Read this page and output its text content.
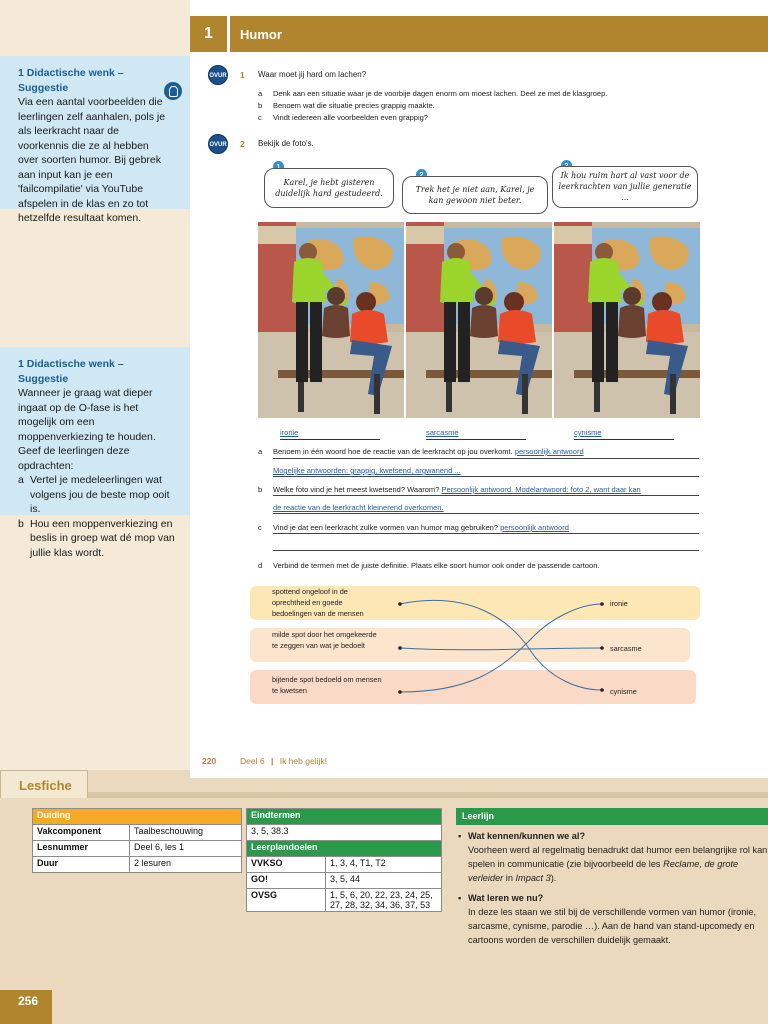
1 Didactische wenk – Suggestie
Via een aantal voorbeelden die leerlingen zelf aanhalen, pols je als leerkracht naar de voorkennis die ze al hebben over soorten humor. Bij gebrek aan input kan je een 'failcompilatie' via YouTube afspelen in de klas en zo tot hetzelfde resultaat komen.
1 Didactische wenk – Suggestie
Wanneer je graag wat dieper ingaat op de O-fase is het mogelijk om een moppenverkiezing te houden. Geef de leerlingen deze opdrachten:
a Vertel je medeleerlingen wat volgens jou de beste mop ooit is.
b Hou een moppenverkiezing en beslis in groep wat dé mop van jullie klas wordt.
1	Humor
OVUR 1 Waar moet jij hard om lachen?
a Denk aan een situatie waar je de voorbije dagen enorm om moest lachen. Deel ze met de klasgroep.
b Benoem wat die situatie precies grappig maakte.
c Vindt iedereen alle voorbeelden even grappig?
OVUR 2 Bekijk de foto's.
Karel, je hebt gisteren duidelijk hard gestudeerd.	Trek het je niet aan, Karel, je kan gewoon niet beter.
Ik hou ruim hart al vast voor de leerkrachten van jullie generatie ...
ironie	sarcasme	cynisme
a Benoem in één woord hoe de reactie van de leerkracht op jou overkomt. persoonlijk antwoord
Mogelijke antwoorden: grappig, kwetsend, argwanend ...
b Welke foto vind je het meest kwetsend? Waarom? Persoonlijk antwoord. Modelantwoord: foto 2, want daar kan
de reactie van de leerkracht kleinerend overkomen.
c Vind je dat een leerkracht zulke vormen van humor mag gebruiken? persoonlijk antwoord
d Verbind de termen met de juiste definitie. Plaats elke soort humor ook onder de passende cartoon.
spottend ongeloof in de oprechtheid en goede bedoelingen van de mensen
milde spot door het omgekeerde te zeggen van wat je bedoelt
bijtende spot bedoeld om mensen te kwetsen
ironie
sarcasme
cynisme
220	Deel 6 | Ik heb gelijk!
Lesfiche
Duiding	
Vakcomponent	Taalbeschouwing
Lesnummer	Deel 6, les 1
Duur	2 lesuren
Eindtermen	
3, 5, 38.3	
Leerplandoelen	
VVKSO	1, 3, 4, T1, T2
GO!	3, 5, 44
OVSG	1, 5, 6, 20, 22, 23, 24, 25, 27, 28, 32, 34, 36, 37, 53
Leerlijn
▪ Wat kennen/kunnen we al?
Voorheen werd al regelmatig benadrukt dat humor een belangrijke rol kan spelen in communicatie (zie bijvoorbeeld de les Reclame, de grote verleider in Impact 3).
▪ Wat leren we nu?
In deze les staan we stil bij de verschillende vormen van humor (ironie, sarcasme, cynisme, parodie …). Aan de hand van stand-upcomedy en cartoons worden de verschillen duidelijk gemaakt.
256
